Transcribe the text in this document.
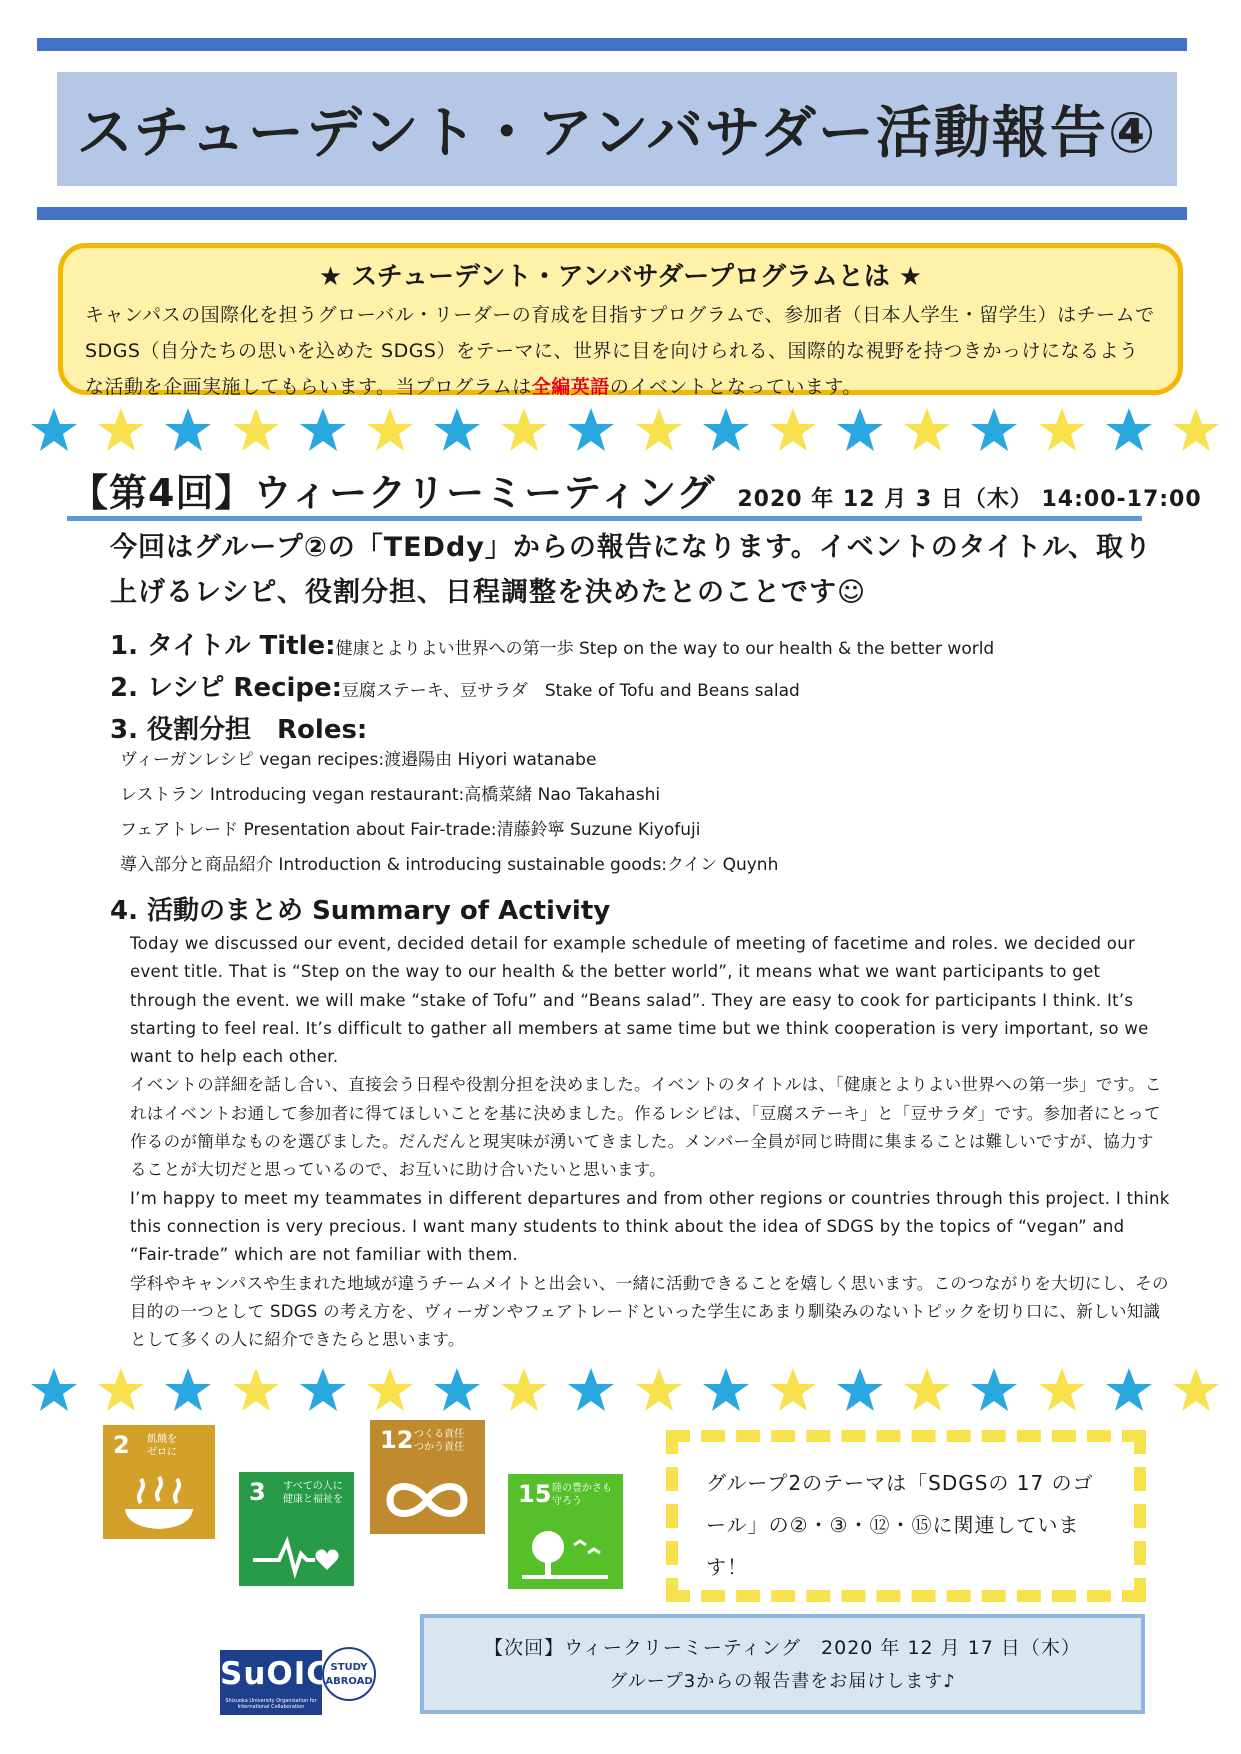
スチューデント・アンバサダー活動報告④
★ スチューデント・アンバサダープログラムとは ★
キャンパスの国際化を担うグローバル・リーダーの育成を目指すプログラムで、参加者（日本人学生・留学生）はチームで SDGS（自分たちの思いを込めた SDGS）をテーマに、世界に目を向けられる、国際的な視野を持つきかっけになるような活動を企画実施してもらいます。当プログラムは全編英語のイベントとなっています。
【第4回】ウィークリーミーティング 2020 年 12 月 3 日（木） 14:00-17:00
今回はグループ②の「TEDdy」からの報告になります。イベントのタイトル、取り上げるレシピ、役割分担、日程調整を決めたとのことです☺
1. タイトル Title:健康とよりよい世界への第一歩 Step on the way to our health & the better world
2. レシピ Recipe:豆腐ステーキ、豆サラダ　Stake of Tofu and Beans salad
3. 役割分担　Roles:
ヴィーガンレシピ vegan recipes:渡邉陽由 Hiyori watanabe
レストラン Introducing vegan restaurant:高橋菜緒 Nao Takahashi
フェアトレード Presentation about Fair-trade:清藤鈴寧 Suzune Kiyofuji
導入部分と商品紹介 Introduction & introducing sustainable goods:クイン Quynh
4. 活動のまとめ Summary of Activity
Today we discussed our event, decided detail for example schedule of meeting of facetime and roles. we decided our event title. That is “Step on the way to our health & the better world”, it means what we want participants to get through the event. we will make “stake of Tofu” and “Beans salad”. They are easy to cook for participants I think. It’s starting to feel real. It’s difficult to gather all members at same time but we think cooperation is very important, so we want to help each other.
イベントの詳細を話し合い、直接会う日程や役割分担を決めました。イベントのタイトルは、「健康とよりよい世界への第一歩」です。これはイベントお通して参加者に得てほしいことを基に決めました。作るレシピは、「豆腐ステーキ」と「豆サラダ」です。参加者にとって作るのが簡単なものを選びました。だんだんと現実味が湧いてきました。メンバー全員が同じ時間に集まることは難しいですが、協力することが大切だと思っているので、お互いに助け合いたいと思います。
I’m happy to meet my teammates in different departures and from other regions or countries through this project. I think this connection is very precious. I want many students to think about the idea of SDGS by the topics of “vegan” and “Fair-trade” which are not familiar with them.
学科やキャンパスや生まれた地域が違うチームメイトと出会い、一緒に活動できることを嬉しく思います。このつながりを大切にし、その目的の一つとして SDGS の考え方を、ヴィーガンやフェアトレードといった学生にあまり馴染みのないトピックを切り口に、新しい知識として多くの人に紹介できたらと思います。
2 飢餓を
ゼロに
3 すべての人に
健康と福祉を
12 つくる責任
つかう責任
15 陸の豊かさも
守ろう
グループ2のテーマは「SDGSの 17 のゴール」の②・③・⑫・⑮に関連しています！
SuOIC
Shizuoka University Organization for International Collaboration
STUDY ABROAD
【次回】ウィークリーミーティング　2020 年 12 月 17 日（木）
グループ3からの報告書をお届けします♪
